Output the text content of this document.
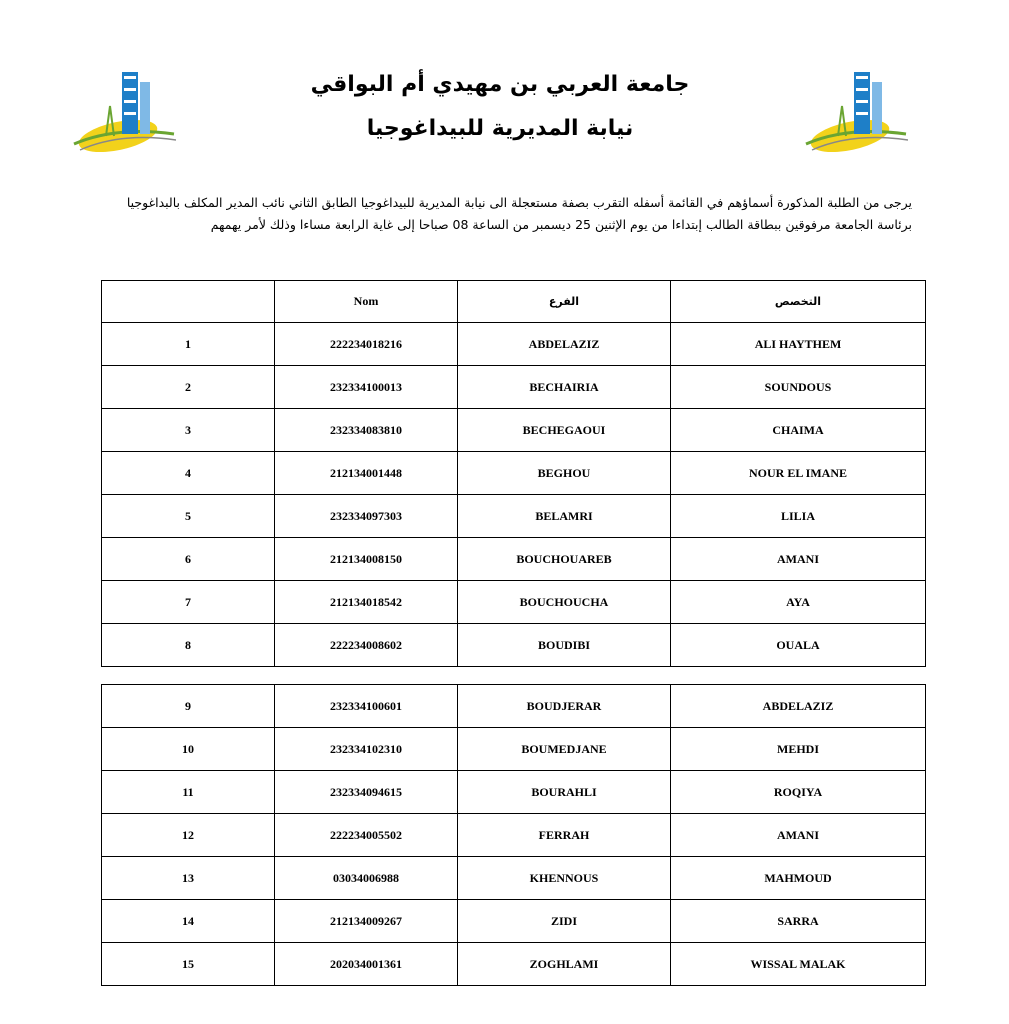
جامعة العربي بن مهيدي أم البواقي
نيابة المديرية للبيداغوجيا
يرجى من الطلبة المذكورة أسماؤهم في القائمة أسفله التقرب بصفة مستعجلة الى نيابة المديرية للبيداغوجيا الطابق الثاني نائب المدير المكلف بالبداغوجيا
برئاسة الجامعة مرفوقين ببطاقة الطالب إبتداءا من يوم الإثنين 25 ديسمبر من الساعة 08 صباحا إلى غاية الرابعة مساءا وذلك لأمر يهمهم
	Nom	الفرع	التخصص
1	222234018216	ABDELAZIZ	ALI HAYTHEM
2	232334100013	BECHAIRIA	SOUNDOUS
3	232334083810	BECHEGAOUI	CHAIMA
4	212134001448	BEGHOU	NOUR EL IMANE
5	232334097303	BELAMRI	LILIA
6	212134008150	BOUCHOUAREB	AMANI
7	212134018542	BOUCHOUCHA	AYA
8	222234008602	BOUDIBI	OUALA
9	232334100601	BOUDJERAR	ABDELAZIZ
10	232334102310	BOUMEDJANE	MEHDI
11	232334094615	BOURAHLI	ROQIYA
12	222234005502	FERRAH	AMANI
13	03034006988	KHENNOUS	MAHMOUD
14	212134009267	ZIDI	SARRA
15	202034001361	ZOGHLAMI	WISSAL MALAK
